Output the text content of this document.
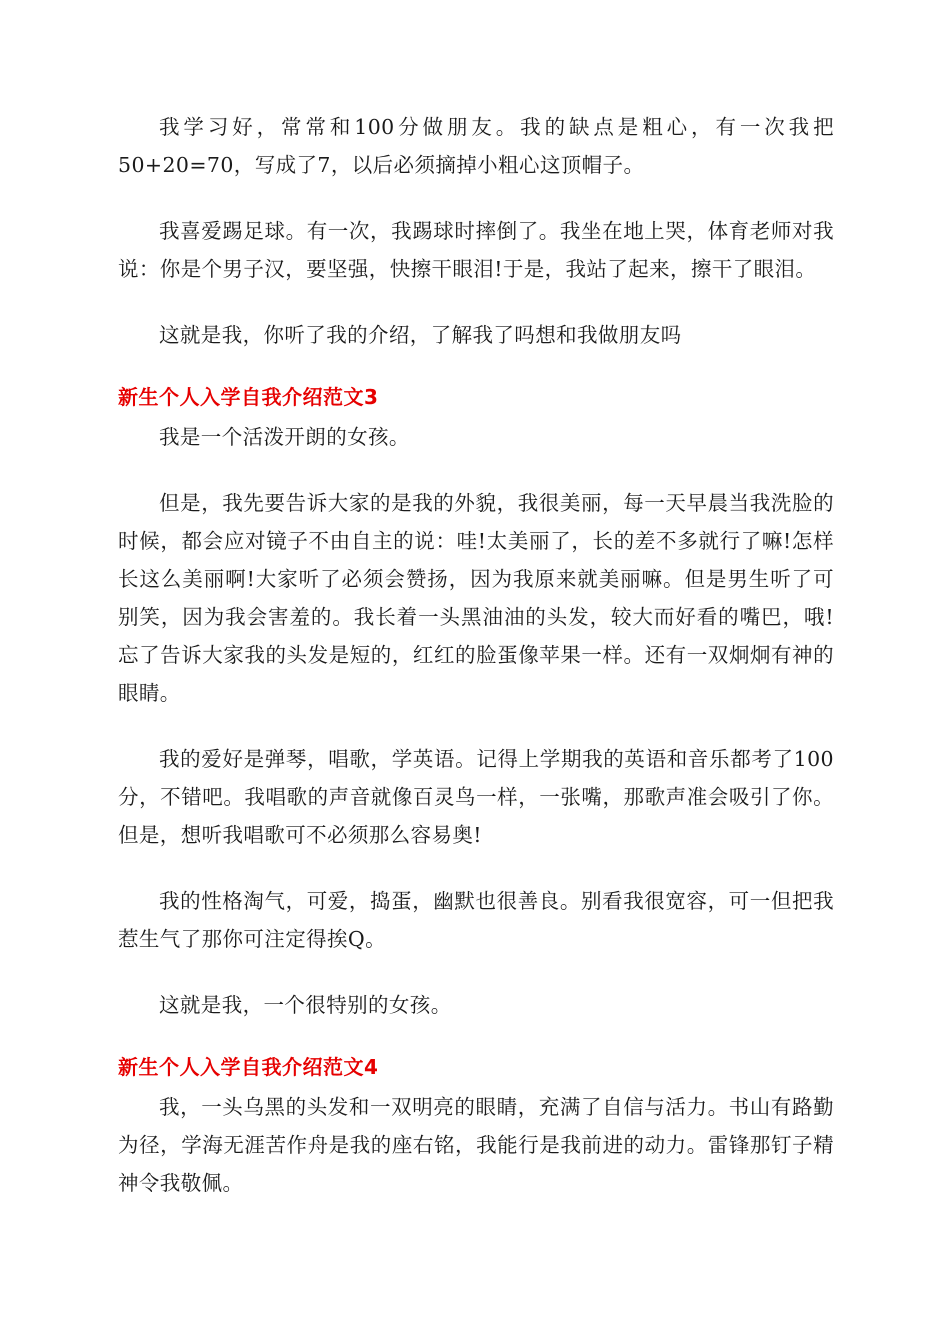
我学习好，常常和100分做朋友。我的缺点是粗心，有一次我把50+20=70，写成了7，以后必须摘掉小粗心这顶帽子。

我喜爱踢足球。有一次，我踢球时摔倒了。我坐在地上哭，体育老师对我说：你是个男子汉，要坚强，快擦干眼泪!于是，我站了起来，擦干了眼泪。

这就是我，你听了我的介绍，了解我了吗想和我做朋友吗

新生个人入学自我介绍范文3

我是一个活泼开朗的女孩。

但是，我先要告诉大家的是我的外貌，我很美丽，每一天早晨当我洗脸的时候，都会应对镜子不由自主的说：哇!太美丽了，长的差不多就行了嘛!怎样长这么美丽啊!大家听了必须会赞扬，因为我原来就美丽嘛。但是男生听了可别笑，因为我会害羞的。我长着一头黑油油的头发，较大而好看的嘴巴，哦!忘了告诉大家我的头发是短的，红红的脸蛋像苹果一样。还有一双炯炯有神的眼睛。

我的爱好是弹琴，唱歌，学英语。记得上学期我的英语和音乐都考了100分，不错吧。我唱歌的声音就像百灵鸟一样，一张嘴，那歌声准会吸引了你。但是，想听我唱歌可不必须那么容易奥!

我的性格淘气，可爱，捣蛋，幽默也很善良。别看我很宽容，可一但把我惹生气了那你可注定得挨Q。

这就是我，一个很特别的女孩。

新生个人入学自我介绍范文4

我，一头乌黑的头发和一双明亮的眼睛，充满了自信与活力。书山有路勤为径，学海无涯苦作舟是我的座右铭，我能行是我前进的动力。雷锋那钉子精神令我敬佩。
